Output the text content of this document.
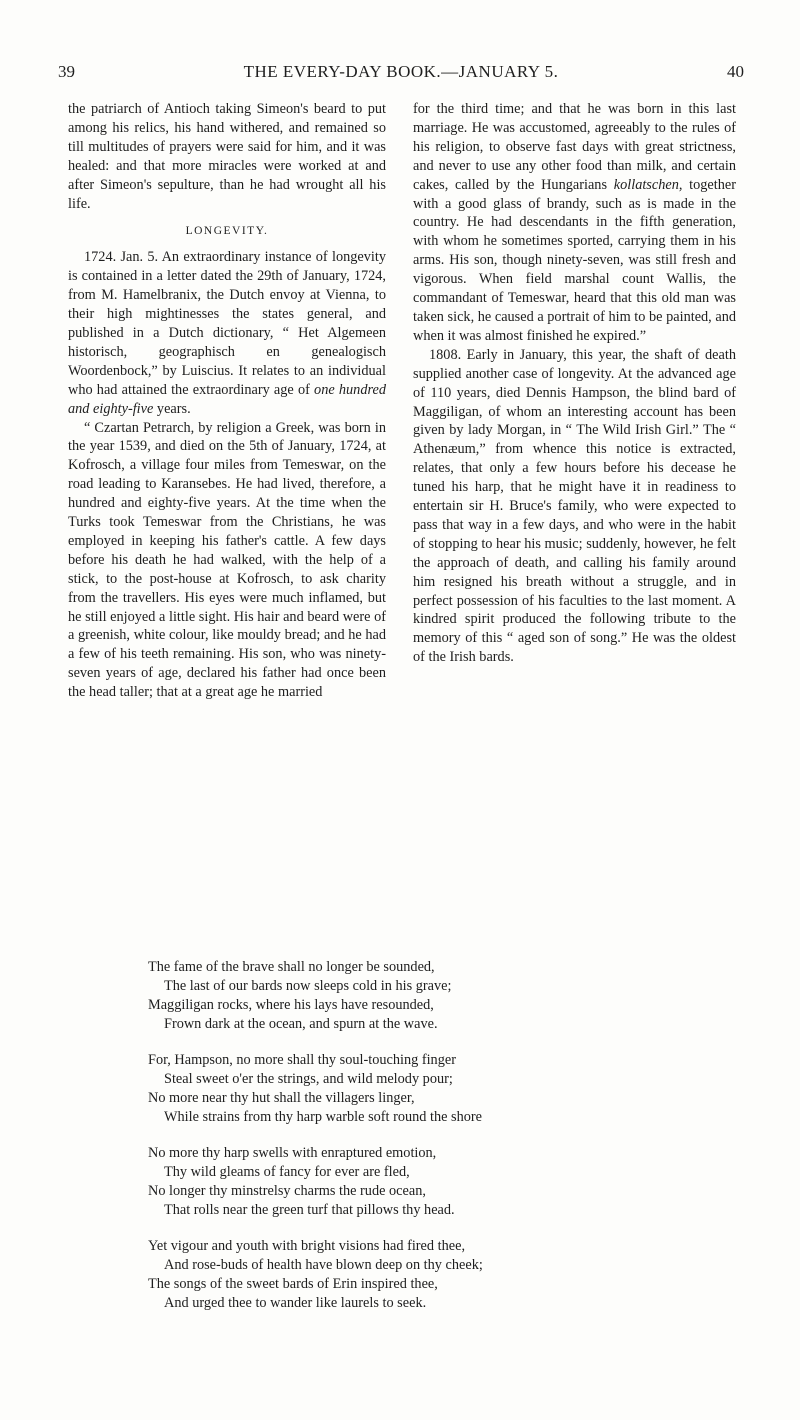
39	THE EVERY-DAY BOOK.—JANUARY 5.	40

the patriarch of Antioch taking Simeon's beard to put among his relics, his hand withered, and remained so till multitudes of prayers were said for him, and it was healed: and that more miracles were worked at and after Simeon's sepulture, than he had wrought all his life.

LONGEVITY.

1724. Jan. 5. An extraordinary instance of longevity is contained in a letter dated the 29th of January, 1724, from M. Hamelbranix, the Dutch envoy at Vienna, to their high mightinesses the states general, and published in a Dutch dictionary, “ Het Algemeen historisch, geographisch en genealogisch Woordenbock,” by Luiscius. It relates to an individual who had attained the extraordinary age of one hundred and eighty-five years.

“ Czartan Petrarch, by religion a Greek, was born in the year 1539, and died on the 5th of January, 1724, at Kofrosch, a village four miles from Temeswar, on the road leading to Karansebes. He had lived, therefore, a hundred and eighty-five years. At the time when the Turks took Temeswar from the Christians, he was employed in keeping his father's cattle. A few days before his death he had walked, with the help of a stick, to the post-house at Kofrosch, to ask charity from the travellers. His eyes were much inflamed, but he still enjoyed a little sight. His hair and beard were of a greenish, white colour, like mouldy bread; and he had a few of his teeth remaining. His son, who was ninety-seven years of age, declared his father had once been the head taller; that at a great age he married

for the third time; and that he was born in this last marriage. He was accustomed, agreeably to the rules of his religion, to observe fast days with great strictness, and never to use any other food than milk, and certain cakes, called by the Hungarians kollatschen, together with a good glass of brandy, such as is made in the country. He had descendants in the fifth generation, with whom he sometimes sported, carrying them in his arms. His son, though ninety-seven, was still fresh and vigorous. When field marshal count Wallis, the commandant of Temeswar, heard that this old man was taken sick, he caused a portrait of him to be painted, and when it was almost finished he expired.”

1808. Early in January, this year, the shaft of death supplied another case of longevity. At the advanced age of 110 years, died Dennis Hampson, the blind bard of Maggiligan, of whom an interesting account has been given by lady Morgan, in “ The Wild Irish Girl.” The “ Athenæum,” from whence this notice is extracted, relates, that only a few hours before his decease he tuned his harp, that he might have it in readiness to entertain sir H. Bruce's family, who were expected to pass that way in a few days, and who were in the habit of stopping to hear his music; suddenly, however, he felt the approach of death, and calling his family around him resigned his breath without a struggle, and in perfect possession of his faculties to the last moment. A kindred spirit produced the following tribute to the memory of this “ aged son of song.” He was the oldest of the Irish bards.

The fame of the brave shall no longer be sounded,
The last of our bards now sleeps cold in his grave;
Maggiligan rocks, where his lays have resounded,
Frown dark at the ocean, and spurn at the wave.
For, Hampson, no more shall thy soul-touching finger
Steal sweet o'er the strings, and wild melody pour;
No more near thy hut shall the villagers linger,
While strains from thy harp warble soft round the shore
No more thy harp swells with enraptured emotion,
Thy wild gleams of fancy for ever are fled,
No longer thy minstrelsy charms the rude ocean,
That rolls near the green turf that pillows thy head.
Yet vigour and youth with bright visions had fired thee,
And rose-buds of health have blown deep on thy cheek;
The songs of the sweet bards of Erin inspired thee,
And urged thee to wander like laurels to seek.
